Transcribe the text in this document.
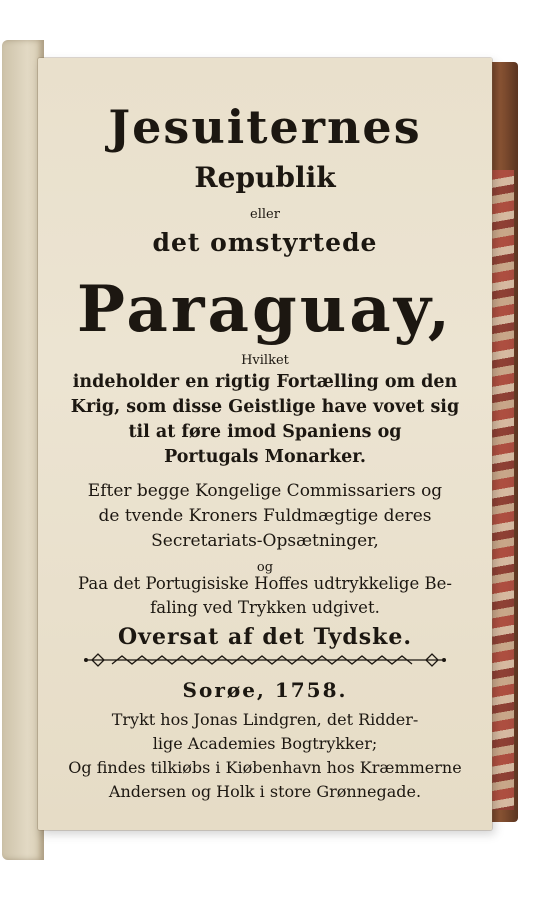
Jesuiternes
Republik
eller
det omstyrtede
Paraguay,
Hvilket
indeholder en rigtig Fortælling om den
Krig, som disse Geistlige have vovet sig
til at føre imod Spaniens og
Portugals Monarker.
Efter begge Kongelige Commissariers og
de tvende Kroners Fuldmægtige deres
Secretariats-Opsætninger,
og
Paa det Portugisiske Hoffes udtrykkelige Be-
faling ved Trykken udgivet.
Oversat af det Tydske.
Sorøe, 1758.
Trykt hos Jonas Lindgren, det Ridder-
lige Academies Bogtrykker;
Og findes tilkiøbs i Kiøbenhavn hos Kræmmerne
Andersen og Holk i store Grønnegade.
